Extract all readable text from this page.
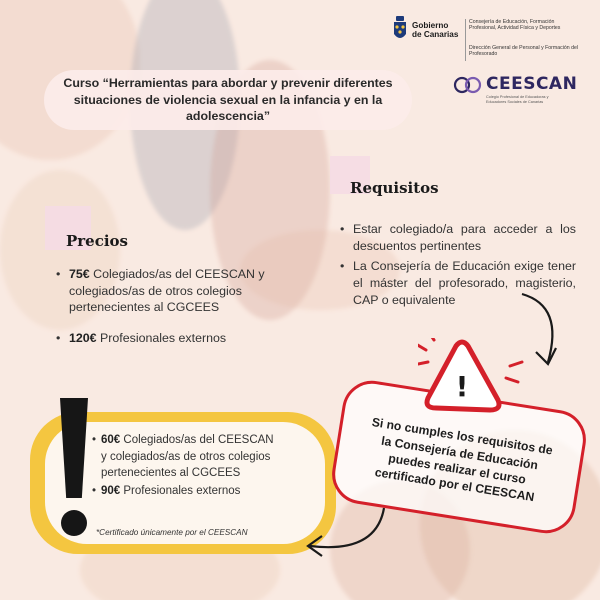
Gobierno
de Canarias
Consejería de Educación, Formación Profesional, Actividad Física y Deportes
Dirección General de Personal y Formación del Profesorado

Curso “Herramientas para abordar y prevenir diferentes situaciones de violencia sexual en la infancia y en la adolescencia”

CEESCAN
Colegio Profesional de Educadoras y Educadores Sociales de Canarias
Requisitos
• Estar colegiado/a para acceder a los descuentos pertinentes
• La Consejería de Educación exige tener el máster del profesorado, magisterio, CAP o equivalente
Precios
• 75€ Colegiados/as del CEESCAN y colegiados/as de otros colegios pertenecientes al CGCEES
• 120€ Profesionales externos
• 60€ Colegiados/as del CEESCAN y colegiados/as de otros colegios pertenecientes al CGCEES
• 90€ Profesionales externos
*Certificado únicamente por el CEESCAN

Si no cumples los requisitos de la Consejería de Educación puedes realizar el curso certificado por el CEESCAN

!
